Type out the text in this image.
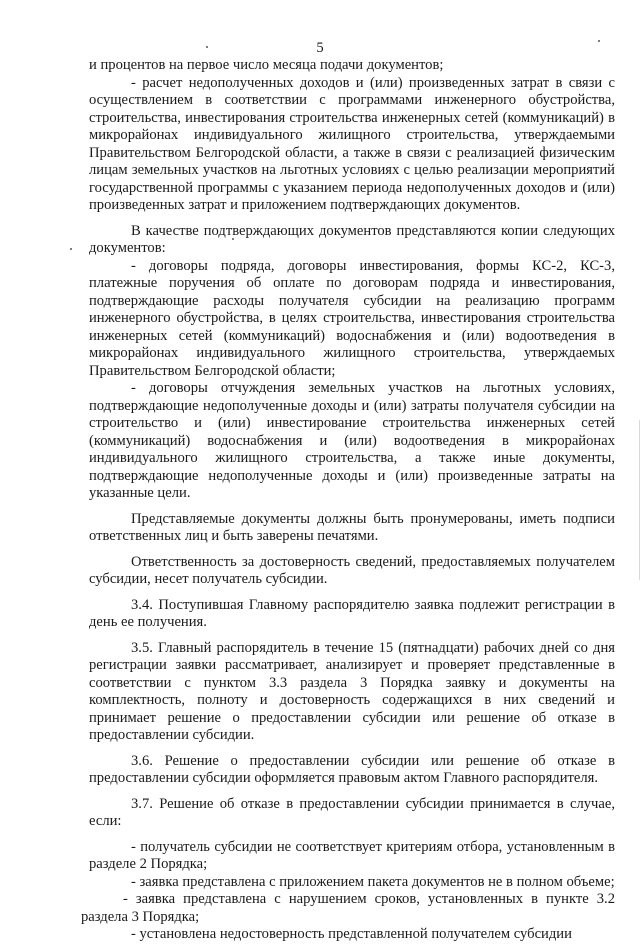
5

и процентов на первое число месяца подачи документов;

- расчет недополученных доходов и (или) произведенных затрат в связи с осуществлением в соответствии с программами инженерного обустройства, строительства, инвестирования строительства инженерных сетей (коммуникаций) в микрорайонах индивидуального жилищного строительства, утверждаемыми Правительством Белгородской области, а также в связи с реализацией физическим лицам земельных участков на льготных условиях с целью реализации мероприятий государственной программы с указанием периода недополученных доходов и (или) произведенных затрат и приложением подтверждающих документов.

В качестве подтверждающих документов представляются копии следующих документов:

- договоры подряда, договоры инвестирования, формы КС-2, КС-3, платежные поручения об оплате по договорам подряда и инвестирования, подтверждающие расходы получателя субсидии на реализацию программ инженерного обустройства, в целях строительства, инвестирования строительства инженерных сетей (коммуникаций) водоснабжения и (или) водоотведения в микрорайонах индивидуального жилищного строительства, утверждаемых Правительством Белгородской области;

- договоры отчуждения земельных участков на льготных условиях, подтверждающие недополученные доходы и (или) затраты получателя субсидии на строительство и (или) инвестирование строительства инженерных сетей (коммуникаций) водоснабжения и (или) водоотведения в микрорайонах индивидуального жилищного строительства, а также иные документы, подтверждающие недополученные доходы и (или) произведенные затраты на указанные цели.

Представляемые документы должны быть пронумерованы, иметь подписи ответственных лиц и быть заверены печатями.

Ответственность за достоверность сведений, предоставляемых получателем субсидии, несет получатель субсидии.

3.4. Поступившая Главному распорядителю заявка подлежит регистрации в день ее получения.

3.5. Главный распорядитель в течение 15 (пятнадцати) рабочих дней со дня регистрации заявки рассматривает, анализирует и проверяет представленные в соответствии с пунктом 3.3 раздела 3 Порядка заявку и документы на комплектность, полноту и достоверность содержащихся в них сведений и принимает решение о предоставлении субсидии или решение об отказе в предоставлении субсидии.

3.6. Решение о предоставлении субсидии или решение об отказе в предоставлении субсидии оформляется правовым актом Главного распорядителя.

3.7. Решение об отказе в предоставлении субсидии принимается в случае, если:

- получатель субсидии не соответствует критериям отбора, установленным в разделе 2 Порядка;

- заявка представлена с приложением пакета документов не в полном объеме;

- заявка представлена с нарушением сроков, установленных в пункте 3.2 раздела 3 Порядка;

- установлена недостоверность представленной получателем субсидии
